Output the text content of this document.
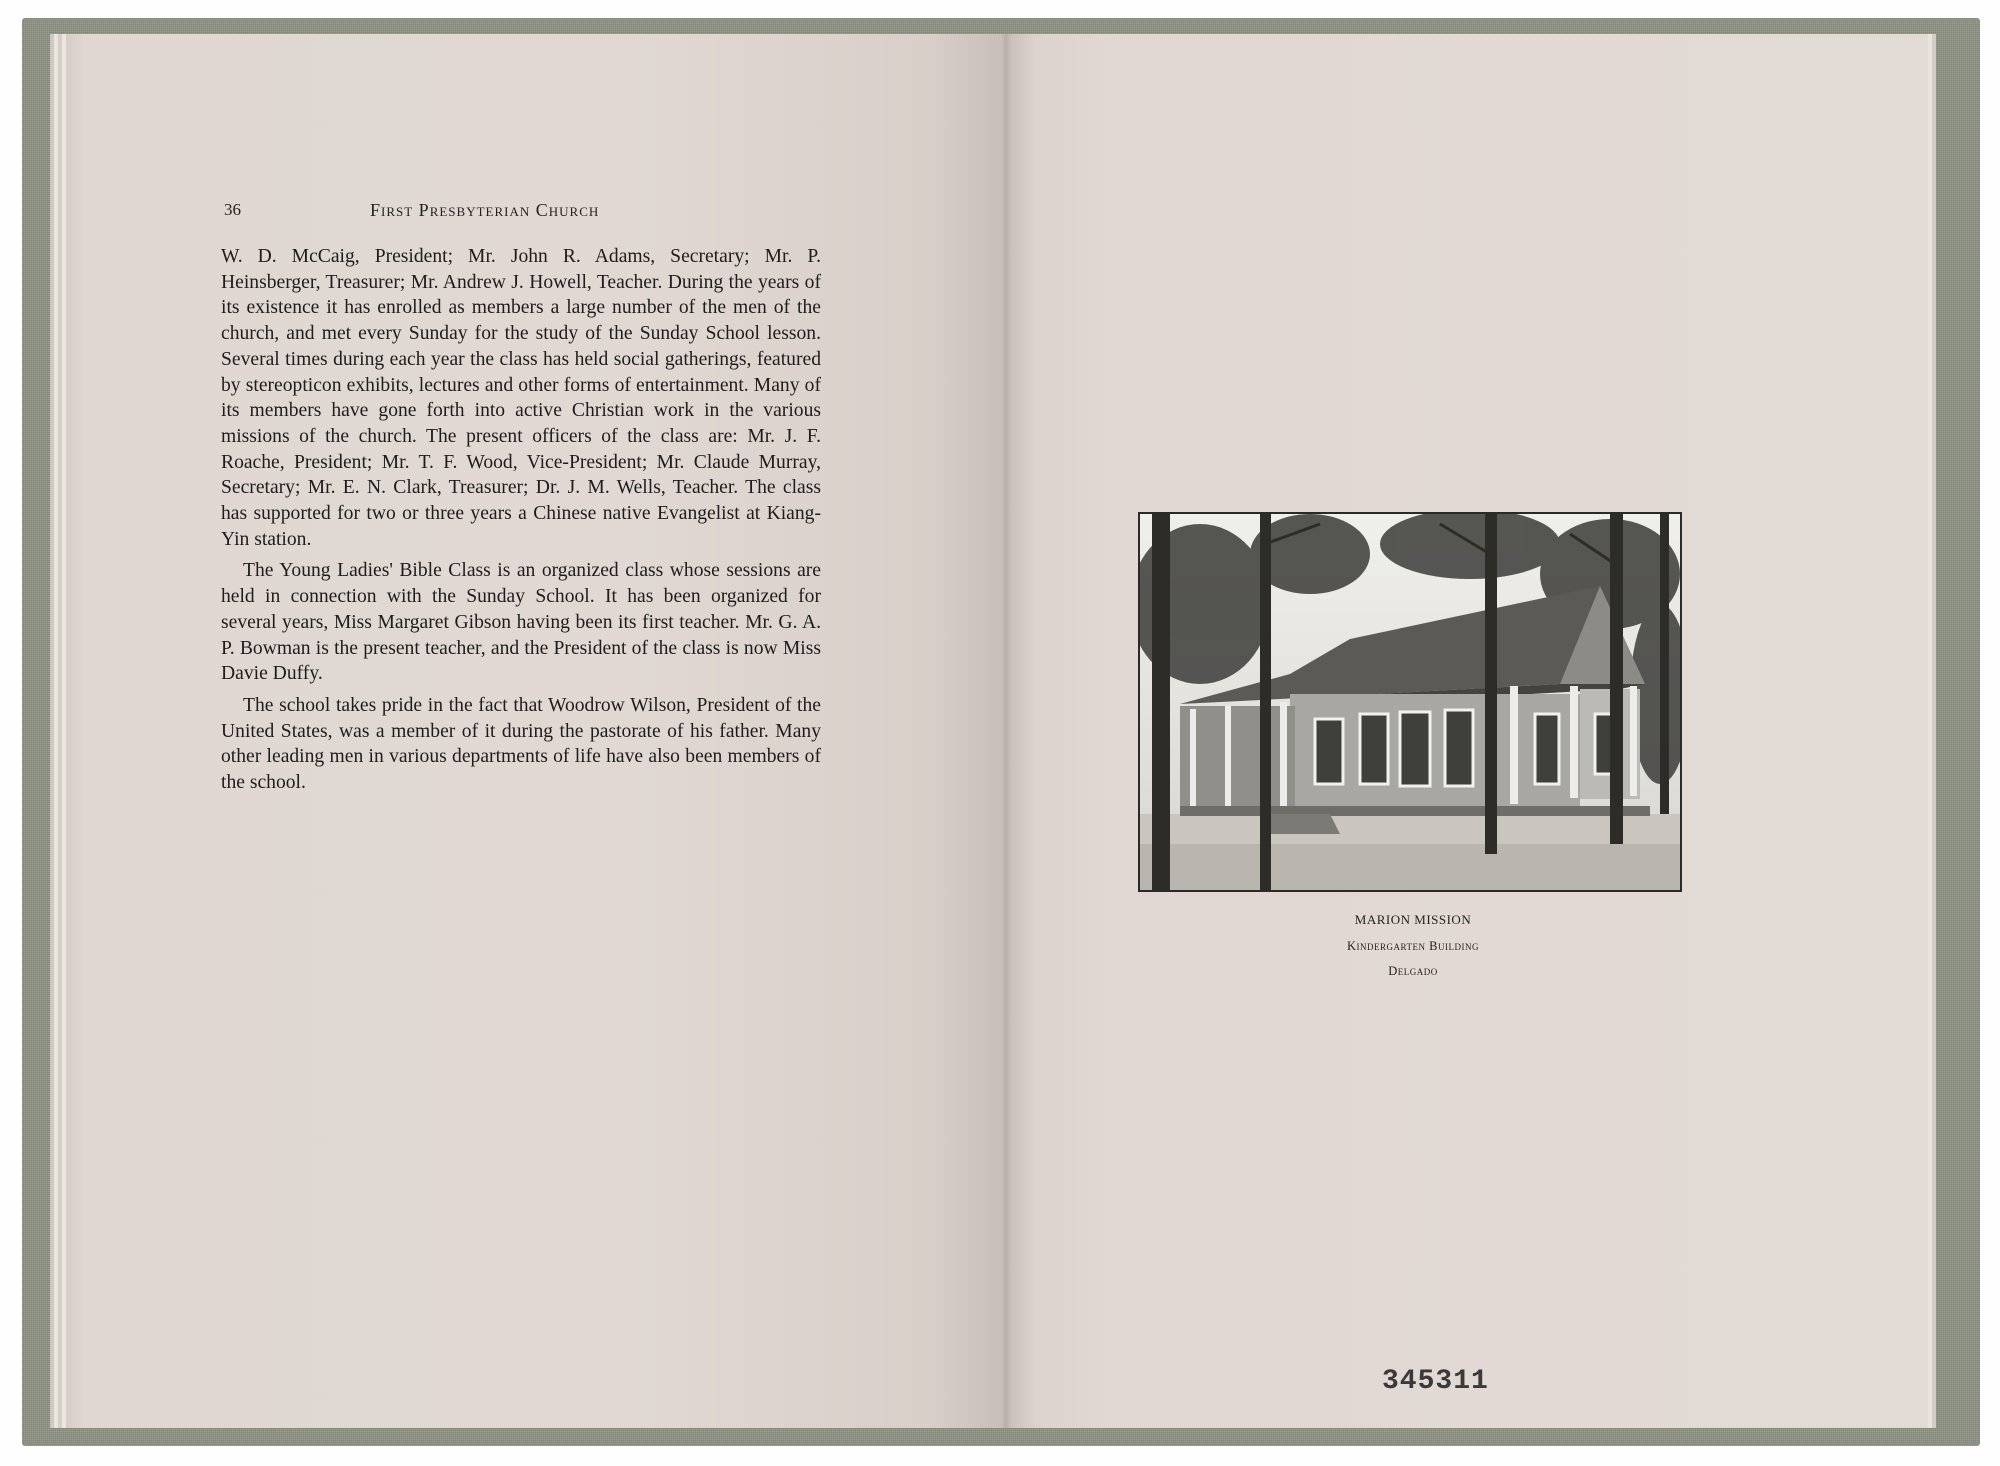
36	First Presbyterian Church

W. D. McCaig, President; Mr. John R. Adams, Secretary; Mr. P. Heinsberger, Treasurer; Mr. Andrew J. Howell, Teacher. During the years of its existence it has enrolled as members a large number of the men of the church, and met every Sunday for the study of the Sunday School lesson. Several times during each year the class has held social gatherings, featured by stereopticon exhibits, lectures and other forms of entertainment. Many of its members have gone forth into active Christian work in the various missions of the church. The present officers of the class are: Mr. J. F. Roache, President; Mr. T. F. Wood, Vice-President; Mr. Claude Murray, Secretary; Mr. E. N. Clark, Treasurer; Dr. J. M. Wells, Teacher. The class has supported for two or three years a Chinese native Evangelist at Kiang-Yin station.

The Young Ladies' Bible Class is an organized class whose sessions are held in connection with the Sunday School. It has been organized for several years, Miss Margaret Gibson having been its first teacher. Mr. G. A. P. Bowman is the present teacher, and the President of the class is now Miss Davie Duffy.

The school takes pride in the fact that Woodrow Wilson, President of the United States, was a member of it during the pastorate of his father. Many other leading men in various departments of life have also been members of the school.

MARION MISSION
Kindergarten Building
Delgado
345311
